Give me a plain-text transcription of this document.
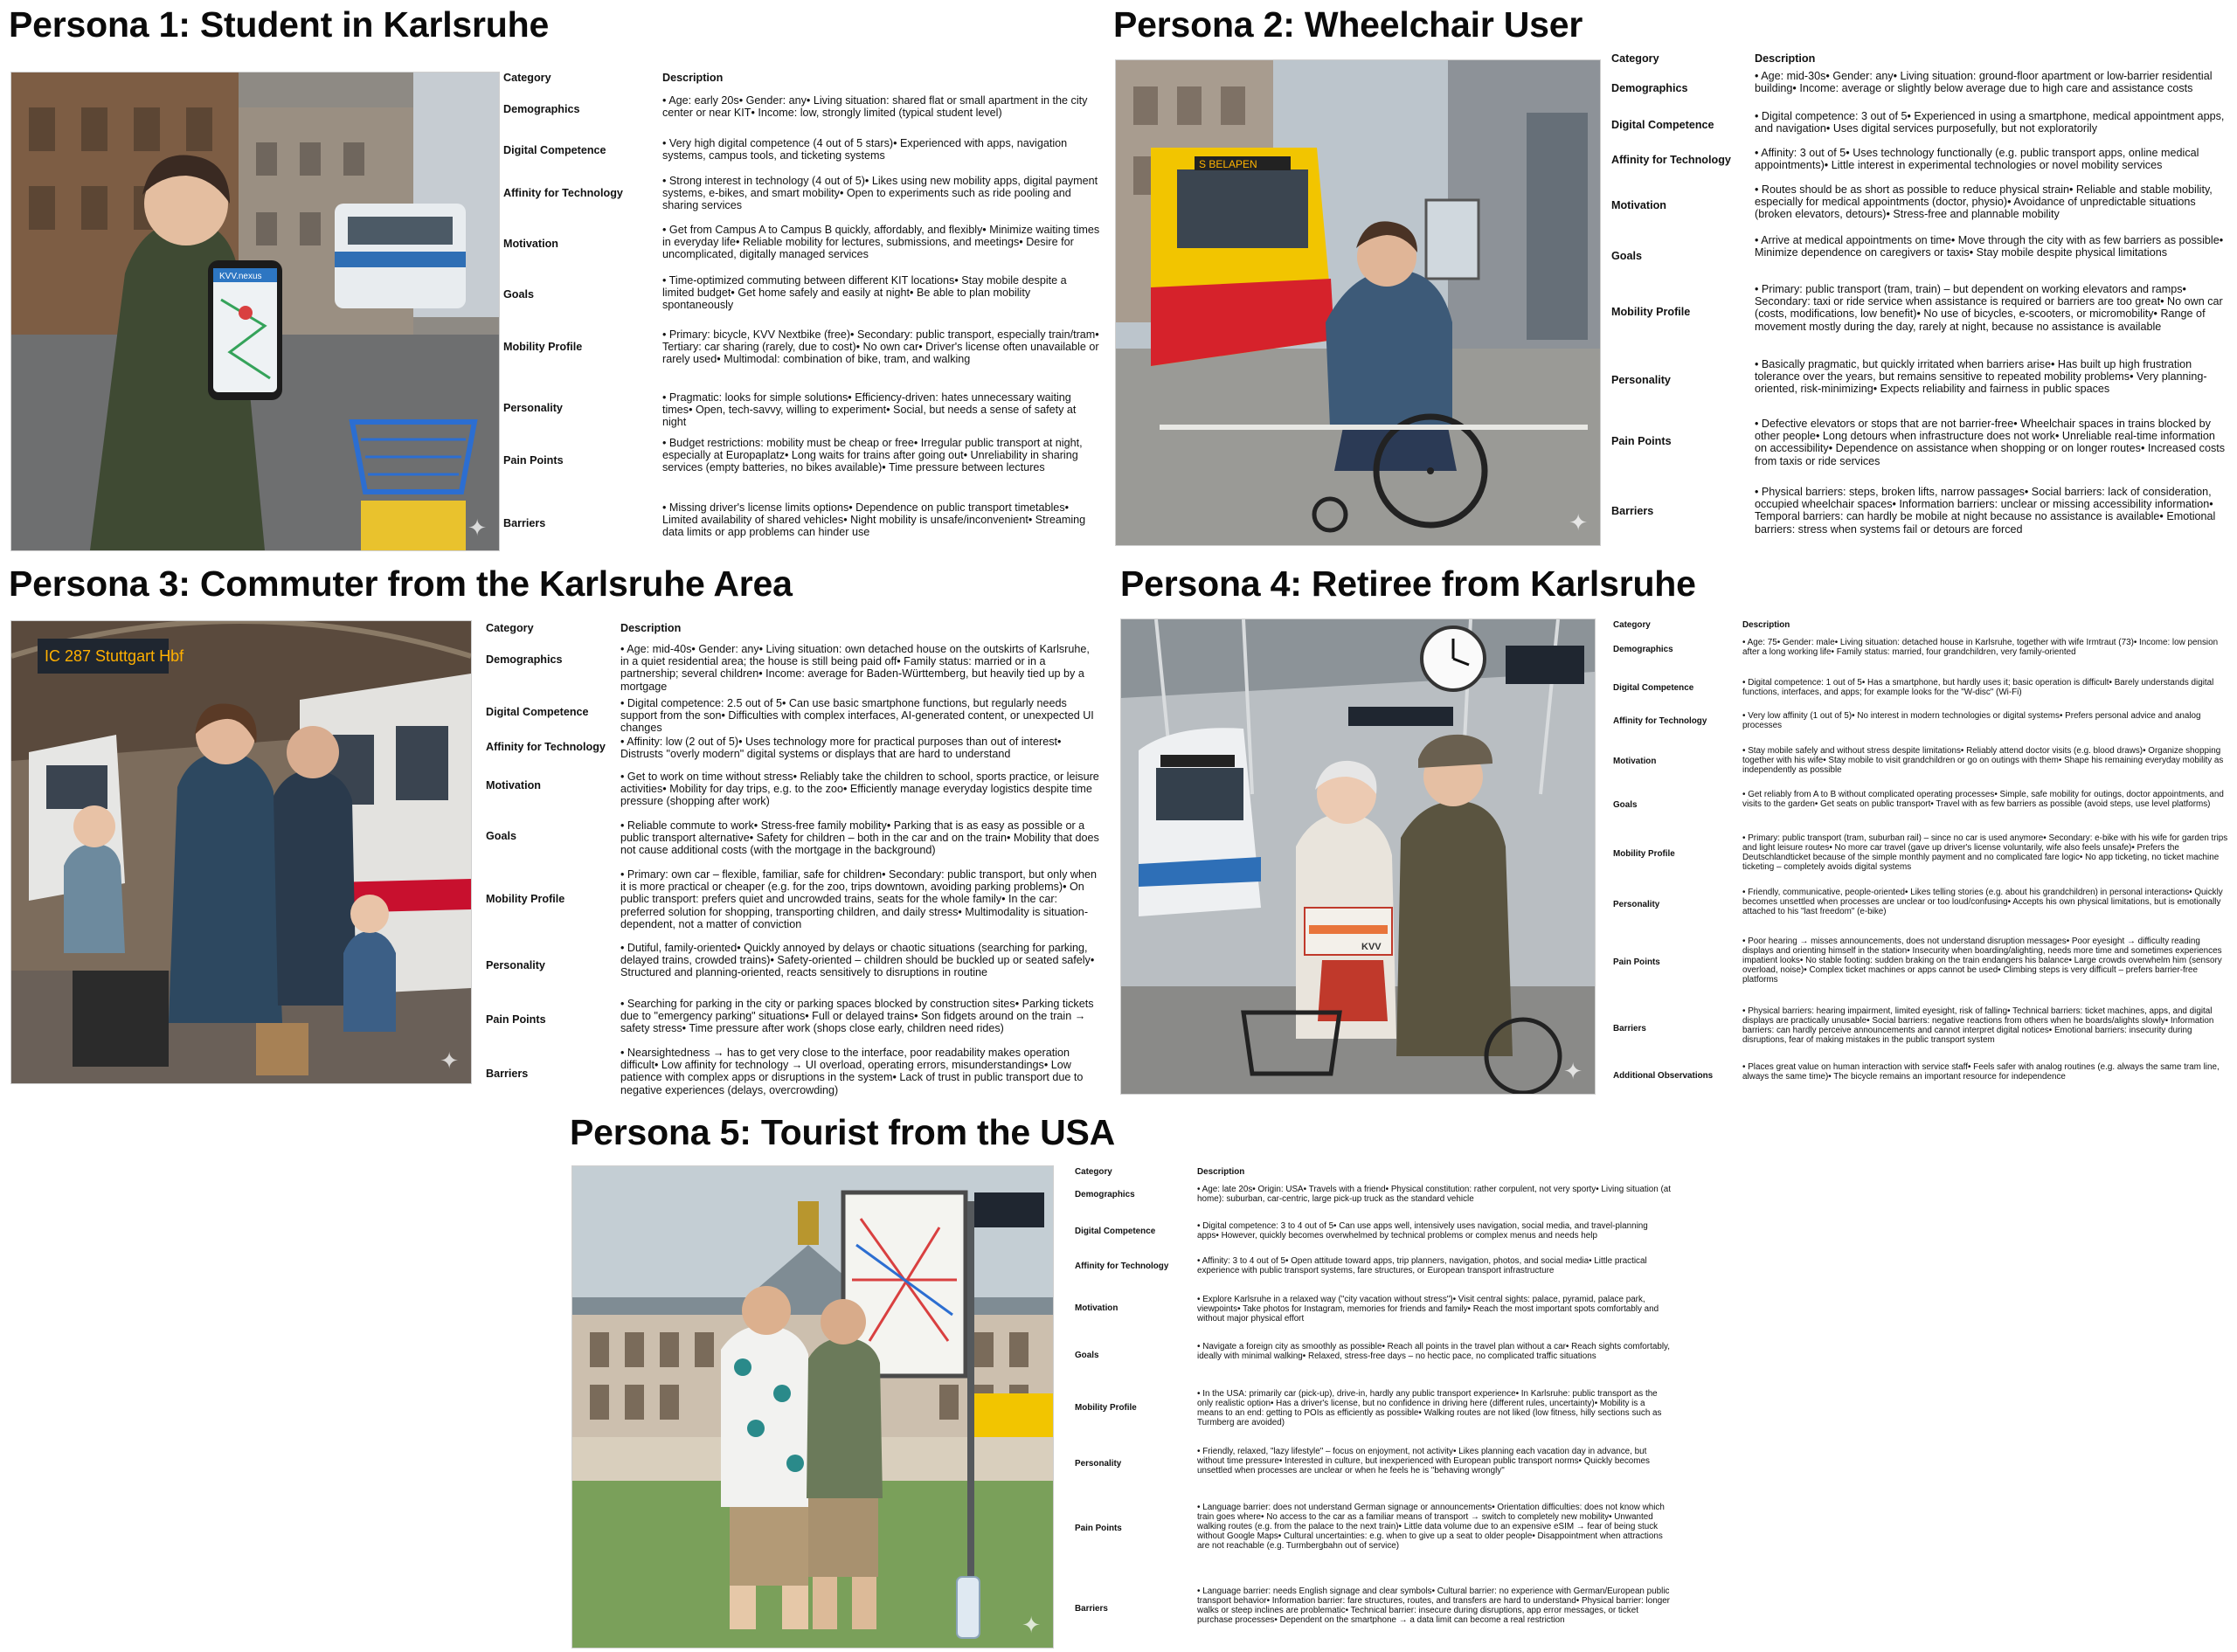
Persona 1: Student in Karlsruhe
KVV.nexus
✦
Category	Description
Demographics
• Age: early 20s• Gender: any• Living situation: shared flat or small apartment in the city center or near KIT• Income: low, strongly limited (typical student level)
Digital Competence
• Very high digital competence (4 out of 5 stars)• Experienced with apps, navigation systems, campus tools, and ticketing systems
Affinity for Technology
• Strong interest in technology (4 out of 5)• Likes using new mobility apps, digital payment systems, e-bikes, and smart mobility• Open to experiments such as ride pooling and sharing services
Motivation
• Get from Campus A to Campus B quickly, affordably, and flexibly• Minimize waiting times in everyday life• Reliable mobility for lectures, submissions, and meetings• Desire for uncomplicated, digitally managed services
Goals
• Time-optimized commuting between different KIT locations• Stay mobile despite a limited budget• Get home safely and easily at night• Be able to plan mobility spontaneously
Mobility Profile
• Primary: bicycle, KVV Nextbike (free)• Secondary: public transport, especially train/tram• Tertiary: car sharing (rarely, due to cost)• No own car• Driver's license often unavailable or rarely used• Multimodal: combination of bike, tram, and walking
Personality
• Pragmatic: looks for simple solutions• Efficiency-driven: hates unnecessary waiting times• Open, tech-savvy, willing to experiment• Social, but needs a sense of safety at night
Pain Points
• Budget restrictions: mobility must be cheap or free• Irregular public transport at night, especially at Europaplatz• Long waits for trains after going out• Unreliability in sharing services (empty batteries, no bikes available)• Time pressure between lectures
Barriers
• Missing driver's license limits options• Dependence on public transport timetables• Limited availability of shared vehicles• Night mobility is unsafe/inconvenient• Streaming data limits or app problems can hinder use
Persona 2: Wheelchair User
S BELAPEN
✦
Category	Description
Demographics
• Age: mid-30s• Gender: any• Living situation: ground-floor apartment or low-barrier residential building• Income: average or slightly below average due to high care and assistance costs
Digital Competence
• Digital competence: 3 out of 5• Experienced in using a smartphone, medical appointment apps, and navigation• Uses digital services purposefully, but not exploratorily
Affinity for Technology
• Affinity: 3 out of 5• Uses technology functionally (e.g. public transport apps, online medical appointments)• Little interest in experimental technologies or novel mobility services
Motivation
• Routes should be as short as possible to reduce physical strain• Reliable and stable mobility, especially for medical appointments (doctor, physio)• Avoidance of unpredictable situations (broken elevators, detours)• Stress-free and plannable mobility
Goals
• Arrive at medical appointments on time• Move through the city with as few barriers as possible• Minimize dependence on caregivers or taxis• Stay mobile despite physical limitations
Mobility Profile
• Primary: public transport (tram, train) – but dependent on working elevators and ramps• Secondary: taxi or ride service when assistance is required or barriers are too great• No own car (costs, modifications, low benefit)• No use of bicycles, e-scooters, or micromobility• Range of movement mostly during the day, rarely at night, because no assistance is available
Personality
• Basically pragmatic, but quickly irritated when barriers arise• Has built up high frustration tolerance over the years, but remains sensitive to repeated mobility problems• Very planning-oriented, risk-minimizing• Expects reliability and fairness in public spaces
Pain Points
• Defective elevators or stops that are not barrier-free• Wheelchair spaces in trains blocked by other people• Long detours when infrastructure does not work• Unreliable real-time information on accessibility• Dependence on assistance when shopping or on longer routes• Increased costs from taxis or ride services
Barriers
• Physical barriers: steps, broken lifts, narrow passages• Social barriers: lack of consideration, occupied wheelchair spaces• Information barriers: unclear or missing accessibility information• Temporal barriers: can hardly be mobile at night because no assistance is available• Emotional barriers: stress when systems fail or detours are forced
Persona 3: Commuter from the Karlsruhe Area
IC 287 Stuttgart Hbf
✦
Category	Description
Demographics
• Age: mid-40s• Gender: any• Living situation: own detached house on the outskirts of Karlsruhe, in a quiet residential area; the house is still being paid off• Family status: married or in a partnership; several children• Income: average for Baden-Württemberg, but heavily tied up by a mortgage
Digital Competence
• Digital competence: 2.5 out of 5• Can use basic smartphone functions, but regularly needs support from the son• Difficulties with complex interfaces, AI-generated content, or unexpected UI changes
Affinity for Technology • Affinity: low (2 out of 5)• Uses technology more for practical purposes than out of interest• Distrusts "overly modern" digital systems or displays that are hard to understand
Motivation
• Get to work on time without stress• Reliably take the children to school, sports practice, or leisure activities• Mobility for day trips, e.g. to the zoo• Efficiently manage everyday logistics despite time pressure (shopping after work)
Goals
• Reliable commute to work• Stress-free family mobility• Parking that is as easy as possible or a public transport alternative• Safety for children – both in the car and on the train• Mobility that does not cause additional costs (with the mortgage in the background)
Mobility Profile
• Primary: own car – flexible, familiar, safe for children• Secondary: public transport, but only when it is more practical or cheaper (e.g. for the zoo, trips downtown, avoiding parking problems)• On public transport: prefers quiet and uncrowded trains, seats for the whole family• In the car: preferred solution for shopping, transporting children, and daily stress• Multimodality is situation-dependent, not a matter of conviction
Personality
• Dutiful, family-oriented• Quickly annoyed by delays or chaotic situations (searching for parking, delayed trains, crowded trains)• Safety-oriented – children should be buckled up or seated safely• Structured and planning-oriented, reacts sensitively to disruptions in routine
Pain Points
• Searching for parking in the city or parking spaces blocked by construction sites• Parking tickets due to "emergency parking" situations• Full or delayed trains• Son fidgets around on the train → safety stress• Time pressure after work (shops close early, children need rides)
Barriers
• Nearsightedness → has to get very close to the interface, poor readability makes operation difficult• Low affinity for technology → UI overload, operating errors, misunderstandings• Low patience with complex apps or disruptions in the system• Lack of trust in public transport due to negative experiences (delays, overcrowding)
Persona 4: Retiree from Karlsruhe
KVV
✦
Category	Description
Demographics
• Age: 75• Gender: male• Living situation: detached house in Karlsruhe, together with wife Irmtraut (73)• Income: low pension after a long working life• Family status: married, four grandchildren, very family-oriented
Digital Competence
• Digital competence: 1 out of 5• Has a smartphone, but hardly uses it; basic operation is difficult• Barely understands digital functions, interfaces, and apps; for example looks for the "W-disc" (Wi-Fi)
Affinity for Technology
• Very low affinity (1 out of 5)• No interest in modern technologies or digital systems• Prefers personal advice and analog processes
Motivation
• Stay mobile safely and without stress despite limitations• Reliably attend doctor visits (e.g. blood draws)• Organize shopping together with his wife• Stay mobile to visit grandchildren or go on outings with them• Shape his remaining everyday mobility as independently as possible
Goals
• Get reliably from A to B without complicated operating processes• Simple, safe mobility for outings, doctor appointments, and visits to the garden• Get seats on public transport• Travel with as few barriers as possible (avoid steps, use level platforms)
Mobility Profile
• Primary: public transport (tram, suburban rail) – since no car is used anymore• Secondary: e-bike with his wife for garden trips and light leisure routes• No more car travel (gave up driver's license voluntarily, wife also feels unsafe)• Prefers the Deutschlandticket because of the simple monthly payment and no complicated fare logic• No app ticketing, no ticket machine ticketing – completely avoids digital systems
Personality
• Friendly, communicative, people-oriented• Likes telling stories (e.g. about his grandchildren) in personal interactions• Quickly becomes unsettled when processes are unclear or too loud/confusing• Accepts his own physical limitations, but is emotionally attached to his "last freedom" (e-bike)
Pain Points
• Poor hearing → misses announcements, does not understand disruption messages• Poor eyesight → difficulty reading displays and orienting himself in the station• Insecurity when boarding/alighting, needs more time and sometimes experiences impatient looks• No stable footing: sudden braking on the train endangers his balance• Large crowds overwhelm him (sensory overload, noise)• Complex ticket machines or apps cannot be used• Climbing steps is very difficult – prefers barrier-free platforms
Barriers
• Physical barriers: hearing impairment, limited eyesight, risk of falling• Technical barriers: ticket machines, apps, and digital displays are practically unusable• Social barriers: negative reactions from others when he boards/alights slowly• Information barriers: can hardly perceive announcements and cannot interpret digital notices• Emotional barriers: insecurity during disruptions, fear of making mistakes in the public transport system
Additional Observations
• Places great value on human interaction with service staff• Feels safer with analog routines (e.g. always the same tram line, always the same time)• The bicycle remains an important resource for independence
Persona 5: Tourist from the USA
✦
Category	Description
Demographics
• Age: late 20s• Origin: USA• Travels with a friend• Physical constitution: rather corpulent, not very sporty• Living situation (at home): suburban, car-centric, large pick-up truck as the standard vehicle
Digital Competence
• Digital competence: 3 to 4 out of 5• Can use apps well, intensively uses navigation, social media, and travel-planning apps• However, quickly becomes overwhelmed by technical problems or complex menus and needs help
Affinity for Technology
• Affinity: 3 to 4 out of 5• Open attitude toward apps, trip planners, navigation, photos, and social media• Little practical experience with public transport systems, fare structures, or European transport infrastructure
Motivation
• Explore Karlsruhe in a relaxed way ("city vacation without stress")• Visit central sights: palace, pyramid, palace park, viewpoints• Take photos for Instagram, memories for friends and family• Reach the most important spots comfortably and without major physical effort
Goals
• Navigate a foreign city as smoothly as possible• Reach all points in the travel plan without a car• Reach sights comfortably, ideally with minimal walking• Relaxed, stress-free days – no hectic pace, no complicated traffic situations
Mobility Profile
• In the USA: primarily car (pick-up), drive-in, hardly any public transport experience• In Karlsruhe: public transport as the only realistic option• Has a driver's license, but no confidence in driving here (different rules, uncertainty)• Mobility is a means to an end: getting to POIs as efficiently as possible• Walking routes are not liked (low fitness, hilly sections such as Turmberg are avoided)
Personality
• Friendly, relaxed, "lazy lifestyle" – focus on enjoyment, not activity• Likes planning each vacation day in advance, but without time pressure• Interested in culture, but inexperienced with European public transport norms• Quickly becomes unsettled when processes are unclear or when he feels he is "behaving wrongly"
Pain Points
• Language barrier: does not understand German signage or announcements• Orientation difficulties: does not know which train goes where• No access to the car as a familiar means of transport → switch to completely new mobility• Unwanted walking routes (e.g. from the palace to the next train)• Little data volume due to an expensive eSIM → fear of being stuck without Google Maps• Cultural uncertainties: e.g. when to give up a seat to older people• Disappointment when attractions are not reachable (e.g. Turmbergbahn out of service)
Barriers
• Language barrier: needs English signage and clear symbols• Cultural barrier: no experience with German/European public transport behavior• Information barrier: fare structures, routes, and transfers are hard to understand• Physical barrier: longer walks or steep inclines are problematic• Technical barrier: insecure during disruptions, app error messages, or ticket purchase processes• Dependent on the smartphone → a data limit can become a real restriction
